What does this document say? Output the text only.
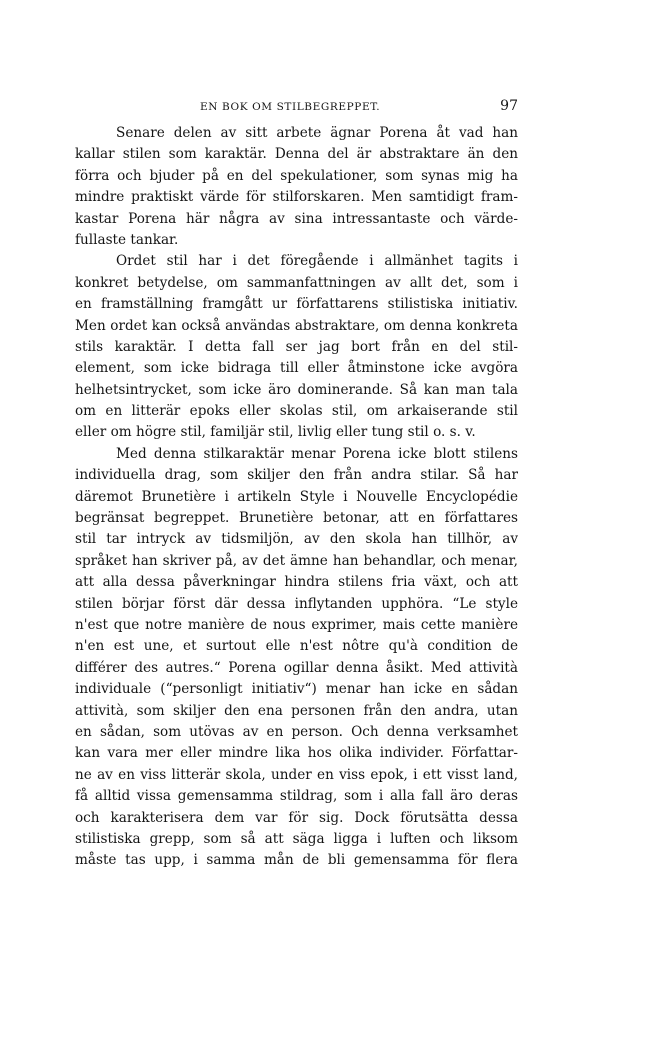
EN BOK OM STILBEGREPPET.	97
Senare delen av sitt arbete ägnar Porena åt vad han
kallar stilen som karaktär. Denna del är abstraktare än den
förra och bjuder på en del spekulationer, som synas mig ha
mindre praktiskt värde för stilforskaren. Men samtidigt fram-
kastar Porena här några av sina intressantaste och värde-
fullaste tankar.
Ordet stil har i det föregående i allmänhet tagits i
konkret betydelse, om sammanfattningen av allt det, som i
en framställning framgått ur författarens stilistiska initiativ.
Men ordet kan också användas abstraktare, om denna konkreta
stils karaktär. I detta fall ser jag bort från en del stil-
element, som icke bidraga till eller åtminstone icke avgöra
helhetsintrycket, som icke äro dominerande. Så kan man tala
om en litterär epoks eller skolas stil, om arkaiserande stil
eller om högre stil, familjär stil, livlig eller tung stil o. s. v.
Med denna stilkaraktär menar Porena icke blott stilens
individuella drag, som skiljer den från andra stilar. Så har
däremot Brunetière i artikeln Style i Nouvelle Encyclopédie
begränsat begreppet. Brunetière betonar, att en författares
stil tar intryck av tidsmiljön, av den skola han tillhör, av
språket han skriver på, av det ämne han behandlar, och menar,
att alla dessa påverkningar hindra stilens fria växt, och att
stilen börjar först där dessa inflytanden upphöra. “Le style
n'est que notre manière de nous exprimer, mais cette manière
n'en est une, et surtout elle n'est nôtre qu'à condition de
différer des autres.“ Porena ogillar denna åsikt. Med attività
individuale (“personligt initiativ“) menar han icke en sådan
attività, som skiljer den ena personen från den andra, utan
en sådan, som utövas av en person. Och denna verksamhet
kan vara mer eller mindre lika hos olika individer. Författar-
ne av en viss litterär skola, under en viss epok, i ett visst land,
få alltid vissa gemensamma stildrag, som i alla fall äro deras
och karakterisera dem var för sig. Dock förutsätta dessa
stilistiska grepp, som så att säga ligga i luften och liksom
måste tas upp, i samma mån de bli gemensamma för flera
